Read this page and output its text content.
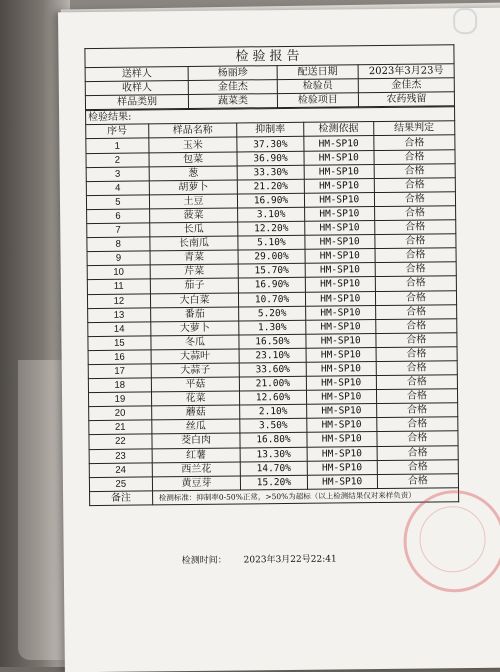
检验报告			
送样人	杨丽珍	配送日期	2023年3月23号
收样人	金佳杰	检验员	金佳杰
样品类别	蔬菜类	检验项目	农药残留
检验结果:				
序号	样品名称	抑制率	检测依据	结果判定
1	玉米	37.30%	HM-SP10	合格
2	包菜	36.90%	HM-SP10	合格
3	葱	33.30%	HM-SP10	合格
4	胡萝卜	21.20%	HM-SP10	合格
5	土豆	16.90%	HM-SP10	合格
6	菠菜	3.10%	HM-SP10	合格
7	长瓜	12.20%	HM-SP10	合格
8	长南瓜	5.10%	HM-SP10	合格
9	青菜	29.00%	HM-SP10	合格
10	芹菜	15.70%	HM-SP10	合格
11	茄子	16.90%	HM-SP10	合格
12	大白菜	10.70%	HM-SP10	合格
13	番茄	5.20%	HM-SP10	合格
14	大萝卜	1.30%	HM-SP10	合格
15	冬瓜	16.50%	HM-SP10	合格
16	大蒜叶	23.10%	HM-SP10	合格
17	大蒜子	33.60%	HM-SP10	合格
18	平菇	21.00%	HM-SP10	合格
19	花菜	12.60%	HM-SP10	合格
20	蘑菇	2.10%	HM-SP10	合格
21	丝瓜	3.50%	HM-SP10	合格
22	茭白肉	16.80%	HM-SP10	合格
23	红薯	13.30%	HM-SP10	合格
24	西兰花	14.70%	HM-SP10	合格
25	黄豆芽	15.20%	HM-SP10	合格
备注	检测标准：抑制率0-50%正常，>50%为超标（以上检测结果仅对来样负责）			
检测时间： 2023年3月22号22:41
